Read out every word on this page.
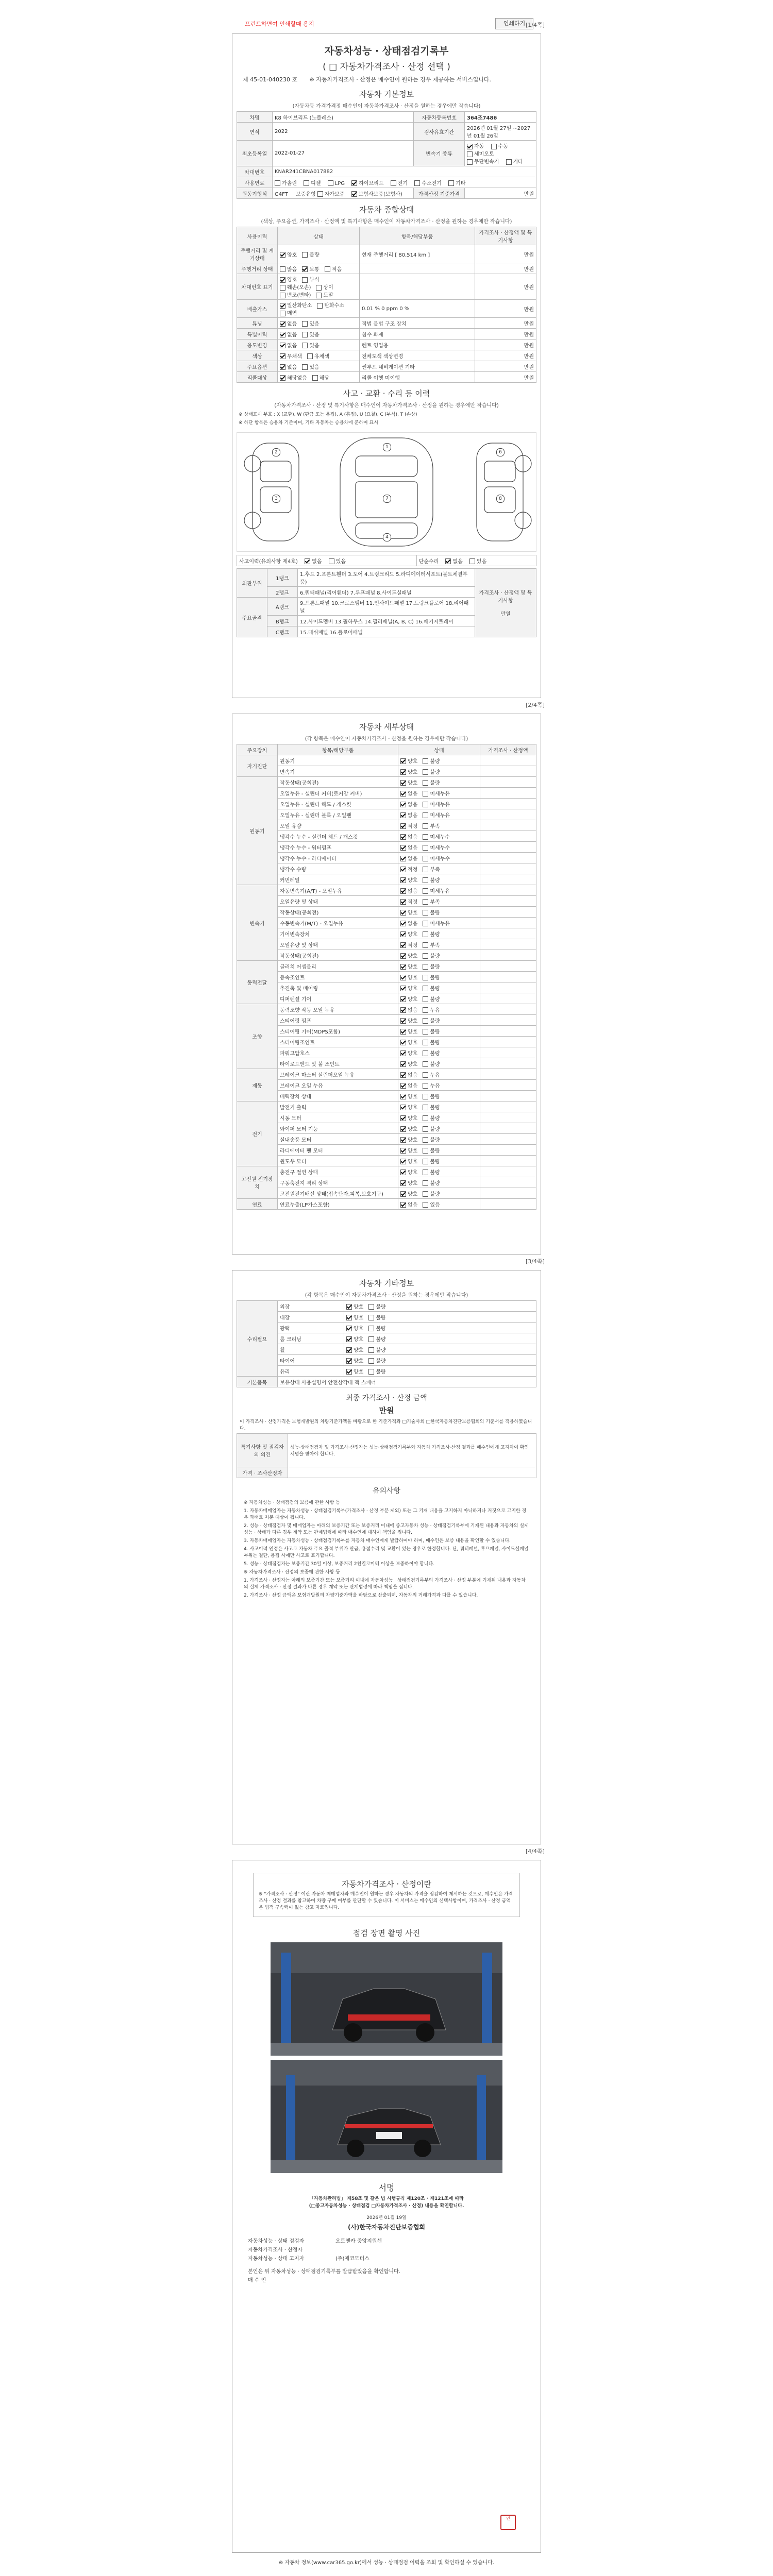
프린트하면여 인쇄할때 용지	인쇄하기 [1/4쪽]
자동차성능 · 상태점검기록부
( □ 자동차가격조사 · 산정 선택 )
제 45-01-040230 호 ※ 자동차가격조사 · 산정은 매수인이 원하는 경우 제공하는 서비스입니다.
자동차 기본정보
(자동차등 가격가격정 매수인이 자동차가격조사 · 산정을 원하는 경우에만 작습니다)
차명	K8 하이브리드 (노블레스)	자동차등록번호	364조7486
연식	2022	검사유효기간	2026년 01월 27일 ~2027년 01월 26일
최초등록일	2022-01-27	변속기 종류	자동 수동 세미오토 무단변속기 기타
차대번호	KNAR241CBNA017882		
사용연료	가솔린 디젤 LPG 하이브리드 전기 수소전기 기타		
원동기형식	G4FT 보증유형 자가보증 보험사보증(보험사)	가격산정 기준가격	만원
자동차 종합상태
(색상, 주요옵션, 가격조사 · 산정액 및 특기사항은 매수인이 자동차가격조사 · 산정을 원하는 경우에만 작습니다)
사용이력	상태	항목/해당부품	가격조사 · 산정액 및 특기사항
주행거리 및 계기상태	양호 불량	현재 주행거리 [ 80,514 km ]	만원
주행거리 상태	많음 보통 적음		만원
차대번호 표기	양호 부식훼손(오손) 상이변조(변타) 도말		만원
배출가스	일산화탄소 탄화수소매연	0.01 % 0 ppm 0 %	만원
튜닝	없음 있음	적법 불법 구조 장치	만원
특별이력	없음 있음	침수 화재	만원
용도변경	없음 있음	렌트 영업용	만원
색상	무채색 유채색	전체도색 색상변경	만원
주요옵션	없음 있음	썬루프 네비게이션 기타	만원
리콜대상	해당없음 해당	리콜 이행 미이행	만원
사고 · 교환 · 수리 등 이력
(자동차가격조사 · 산정 및 특기사항은 매수인이 자동차가격조사 · 산정을 원하는 경우에만 작습니다)

※ 상태표시 부호 : X (교환), W (판금 또는 용접), A (흠집), U (요철), C (부식), T (손상)

※ 하단 항목은 승용차 기준이며, 기타 자동차는 승용차에 준하여 표시

2
3
1
7
4
6
8
사고이력(유의사항 제4호)	없음	있음	단순수리	없음	있음
외판부위	1랭크	1.후드 2.프론트휀더 3.도어 4.트렁크리드 5.라디에이터서포트(볼트체결부품)	가격조사 · 산정액 및 특기사항

만원
	2랭크	6.쿼터패널(리어휀더) 7.루프패널 8.사이드실패널	
주요골격	A랭크	9.프론트패널 10.크로스멤버 11.인사이드패널 17.트렁크플로어 18.리어패널	
	B랭크	12.사이드멤버 13.휠하우스 14.필러패널(A, B, C) 16.패키지트레이	
	C랭크	15.대쉬패널 16.플로어패널	
[2/4쪽]
자동차 세부상태
(각 항목은 매수인이 자동차가격조사 · 산정을 원하는 경우에만 작습니다)
주요장치	항목/해당부품	상태	가격조사 · 산정액
자기진단	원동기	양호 불량	
	변속기	양호 불량	
원동기	작동상태(공회전)	양호 불량	
	오일누유 - 실린더 커버(로커암 커버)	없음 미세누유	
	오일누유 - 실린더 헤드 / 개스킷	없음 미세누유	
	오일누유 - 실린더 블록 / 오일팬	없음 미세누유	
	오일 유량	적정 부족	
	냉각수 누수 - 실린더 헤드 / 개스킷	없음 미세누수	
	냉각수 누수 - 워터펌프	없음 미세누수	
	냉각수 누수 - 라디에이터	없음 미세누수	
	냉각수 수량	적정 부족	
	커먼레일	양호 불량	
변속기	자동변속기(A/T) - 오일누유	없음 미세누유	
	오일유량 및 상태	적정 부족	
	작동상태(공회전)	양호 불량	
	수동변속기(M/T) - 오일누유	없음 미세누유	
	기어변속장치	양호 불량	
	오일유량 및 상태	적정 부족	
	작동상태(공회전)	양호 불량	
동력전달	클러치 어셈블리	양호 불량	
	등속조인트	양호 불량	
	추진축 및 베어링	양호 불량	
	디퍼렌셜 기어	양호 불량	
조향	동력조향 작동 오일 누유	없음 누유	
	스티어링 펌프	양호 불량	
	스티어링 기어(MDPS포함)	양호 불량	
	스티어링조인트	양호 불량	
	파워고압호스	양호 불량	
	타이로드엔드 및 볼 조인트	양호 불량	
제동	브레이크 마스터 실린더오일 누유	없음 누유	
	브레이크 오일 누유	없음 누유	
	배력장치 상태	양호 불량	
전기	발전기 출력	양호 불량	
	시동 모터	양호 불량	
	와이퍼 모터 기능	양호 불량	
	실내송풍 모터	양호 불량	
	라디에이터 팬 모터	양호 불량	
	윈도우 모터	양호 불량	
고전원 전기장치	충전구 절연 상태	양호 불량	
	구동축전지 격리 상태	양호 불량	
	고전원전기배선 상태(접속단자,피복,보호기구)	양호 불량	
연료	연료누출(LP가스포함)	없음 있음	
[3/4쪽]
자동차 기타정보
(각 항목은 매수인이 자동차가격조사 · 산정을 원하는 경우에만 작습니다)
수리필요	외장	양호 불량
	내장	양호 불량
	광택	양호 불량
	룸 크리닝	양호 불량
	휠	양호 불량
	타이어	양호 불량
	유리	양호 불량
기본품목	보유상태 사용설명서 안전삼각대 잭 스패너	
최종 가격조사 · 산정 금액
만원
이 가격조사 · 산정가격은 보험개발원의 차량기준가액을 바탕으로 한 기준가격과 □기술사회 □한국자동차진단보증협회의 기준서를 적용하였습니다.
특기사항 및 점검자의 의견	성능·상태점검자 및 가격조사·산정자는 성능·상태점검기록부와 자동차 가격조사·산정 결과를 매수인에게 고지하여 확인 서명을 받아야 합니다.
가격 · 조사산정자	
유의사항

※ 자동차성능 · 상태점검의 보증에 관한 사항 등

1. 자동차매매업자는 자동차성능 · 상태점검기록부(가격조사 · 산정 부분 제외) 또는 그 기재 내용을 고지하지 아니하거나 거짓으로 고지한 경우 과태료 처분 대상이 됩니다.

2. 성능 · 상태점검자 및 매매업자는 아래의 보증기간 또는 보증거리 이내에 중고자동차 성능 · 상태점검기록부에 기재된 내용과 자동차의 실제 성능 · 상태가 다른 경우 계약 또는 관계법령에 따라 매수인에 대하여 책임을 집니다.

3. 자동차매매업자는 자동차성능 · 상태점검기록부를 자동차 매수인에게 발급하여야 하며, 매수인은 보증 내용을 확인할 수 있습니다.

4. 사고이력 인정은 사고로 자동차 주요 골격 부위가 판금, 용접수리 및 교환이 있는 경우로 한정합니다. 단, 쿼터패널, 루프패널, 사이드실패널 부위는 절단, 용접 시에만 사고로 표기합니다.

5. 성능 · 상태점검자는 보증기간 30일 이상, 보증거리 2천킬로미터 이상을 보증하여야 합니다.

※ 자동차가격조사 · 산정의 보증에 관한 사항 등

1. 가격조사 · 산정자는 아래의 보증기간 또는 보증거리 이내에 자동차성능 · 상태점검기록부의 가격조사 · 산정 부분에 기재된 내용과 자동차의 실제 가격조사 · 산정 결과가 다른 경우 계약 또는 관계법령에 따라 책임을 집니다.

2. 가격조사 · 산정 금액은 보험개발원의 차량기준가액을 바탕으로 산출되며, 자동차의 거래가격과 다를 수 있습니다.

[4/4쪽]
자동차가격조사 · 산정이란
※ "가격조사 · 산정" 이란 자동차 매매업자와 매수인이 원하는 경우 자동차의 가격을 점검하여 제시하는 것으로, 매수인은 가격조사 · 산정 결과를 참고하여 차량 구매 여부를 판단할 수 있습니다. 이 서비스는 매수인의 선택사항이며, 가격조사 · 산정 금액은 법적 구속력이 없는 참고 자료입니다.
점검 장면 촬영 사진
서명
「자동차관리법」 제58조 및 같은 법 시행규칙 제120조 · 제121조에 따라
(□중고자동차성능 · 상태점검 □자동차가격조사 · 산정) 내용을 확인합니다.
2026년 01월 19일
(사)한국자동차진단보증협회
자동차성능 · 상태 점검자	오토앤카 중앙지원센
자동차가격조사 · 산정자
자동차성능 · 상태 고지자	(주)에코모터스
인
본인은 위 자동차성능 · 상태점검기록부를 발급받았음을 확인합니다.
매 수 인
※ 자동차 정보(www.car365.go.kr)에서 성능 · 상태점검 이력을 조회 및 확인하실 수 있습니다.
